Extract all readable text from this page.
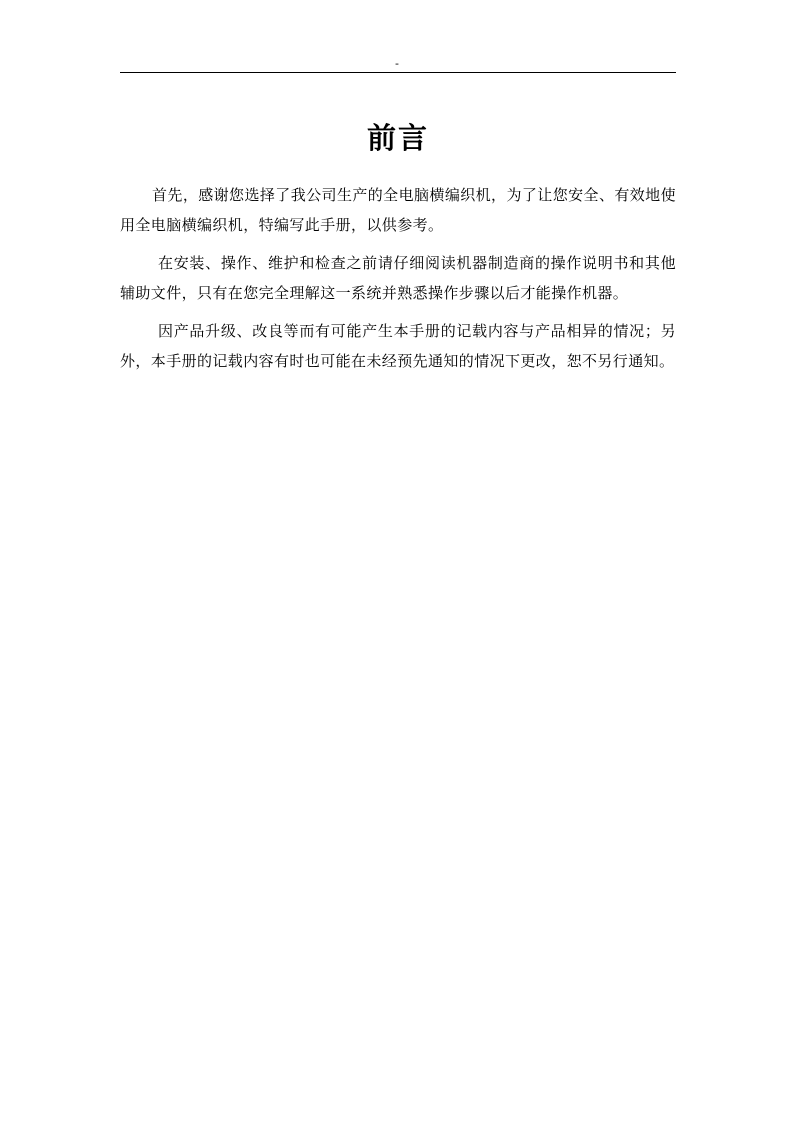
-
前言

首先，感谢您选择了我公司生产的全电脑横编织机，为了让您安全、有效地使用全电脑横编织机，特编写此手册，以供参考。

在安装、操作、维护和检查之前请仔细阅读机器制造商的操作说明书和其他辅助文件，只有在您完全理解这一系统并熟悉操作步骤以后才能操作机器。

因产品升级、改良等而有可能产生本手册的记载内容与产品相异的情况；另外，本手册的记载内容有时也可能在未经预先通知的情况下更改，恕不另行通知。
